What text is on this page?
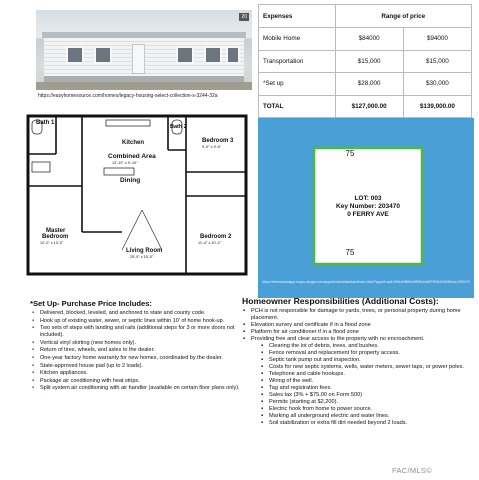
20
https://easyhomesource.com/homes/legacy-housing-select-collection-s-3244-32a
Expenses	Range of price	
Mobile Home	$84000	$94000
Transportation	$15,000	$15,000
*Set up	$28,000	$30,000
TOTAL	$127,000.00	$139,000.00
Bath 1
Kitchen
Bath 2
Bedroom 3
9'-0" x 9'-6"
Combined Area
12'-10" x 9'-10"
Dining
Master
Bedroom
12'-0" x 13'-0"
Living Room
25'-5" x 15'-0"
Bedroom 2
11'-4" x 10'-2"
75
75
LOT: 003
Key Number: 203470
0 FERRY AVE
https://hernandoappr.maps.arcgis.com/apps/instant/sidebar/index.html?appid=aa1b95ee0f6f4e5f895d4c8f7591b01f0&find=203470
*Set Up- Purchase Price Includes:
▪ Delivered, blocked, leveled, and anchored to state and county code.
▪ Hook up of existing water, sewer, or septic lines within 10' of home hook-up.
▪ Two sets of steps with landing and rails (additional steps for 3 or more doors not included).
▪ Vertical vinyl skirting (new homes only).
▪ Return of tires, wheels, and axles to the dealer.
▪ One-year factory home warranty for new homes, coordinated by the dealer.
▪ State-approved house pad (up to 2 loads).
▪ Kitchen appliances.
▪ Package air conditioning with heat strips.
▪ Split system air conditioning with air handler (available on certain floor plans only).
Homeowner Responsibilities (Additional Costs):
▪ PCH is not responsible for damage to yards, trees, or personal property during home placement.
▪ Elevation survey and certificate if in a flood zone
▪ Platform for air conditioner if in a flood zone
▪ Providing free and clear access to the property with no encroachment.
▪ Clearing the lot of debris, trees, and bushes.
▪ Fence removal and replacement for property access.
▪ Septic tank pump out and inspection.
▪ Costs for new septic systems, wells, water meters, sewer taps, or power poles.
▪ Telephone and cable hookups.
▪ Wiring of the well.
▪ Tag and registration fees.
▪ Sales tax (3% + $75.00 on Form 500)
▪ Permits (starting at $2,200).
▪ Electric hook from home to power source.
▪ Marking all underground electric and water lines.
▪ Soil stabilization or extra fill dirt needed beyond 2 loads.
FAC/MLS©
